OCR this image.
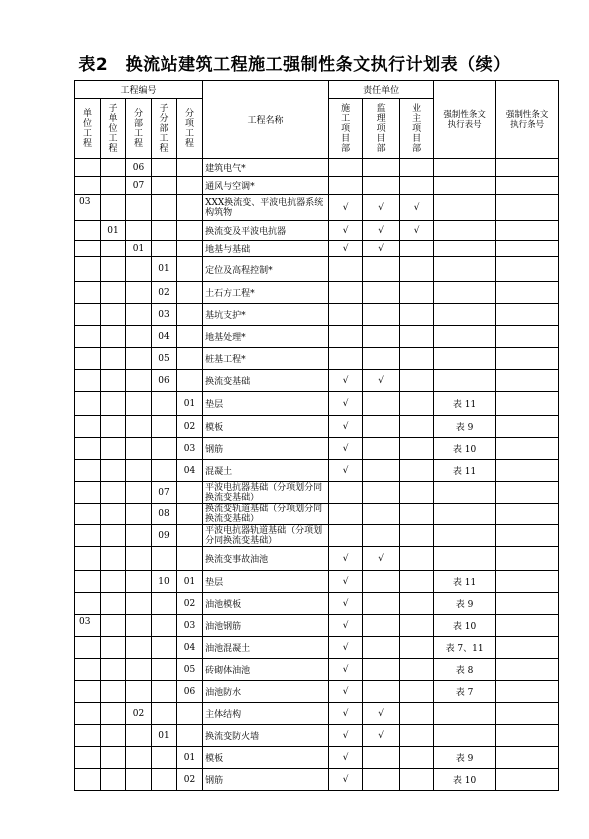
表2　换流站建筑工程施工强制性条文执行计划表（续）
工程编号					工程名称	责任单位			强制性条文执行表号	强制性条文执行条号

单位工程	子单位工程	分部工程	子分部工程	分项工程		施工项目部	监理项目部	业主项目部		
		06			建筑电气*					
		07			通风与空调*					
03					XXX换流变、平波电抗器系统构筑物	√	√	√		
	01				换流变及平波电抗器	√	√	√		
		01			地基与基础	√	√			
			01		定位及高程控制*					
			02		土石方工程*					
			03		基坑支护*					
			04		地基处理*					
			05		桩基工程*					
			06		换流变基础	√	√			
				01	垫层	√			表 11	
				02	模板	√			表 9	
				03	钢筋	√			表 10	
				04	混凝土	√			表 11	
			07		平波电抗器基础（分项划分同换流变基础）					
			08		换流变轨道基础（分项划分同换流变基础）					
			09		平波电抗器轨道基础（分项划分同换流变基础）					
					换流变事故油池	√	√			
			10	01	垫层	√			表 11	
				02	油池模板	√			表 9	
03				03	油池钢筋	√			表 10	
				04	油池混凝土	√			表 7、11	
				05	砖砌体油池	√			表 8	
				06	油池防水	√			表 7	
		02			主体结构	√	√			
			01		换流变防火墙	√	√			
				01	模板	√			表 9	
				02	钢筋	√			表 10	
